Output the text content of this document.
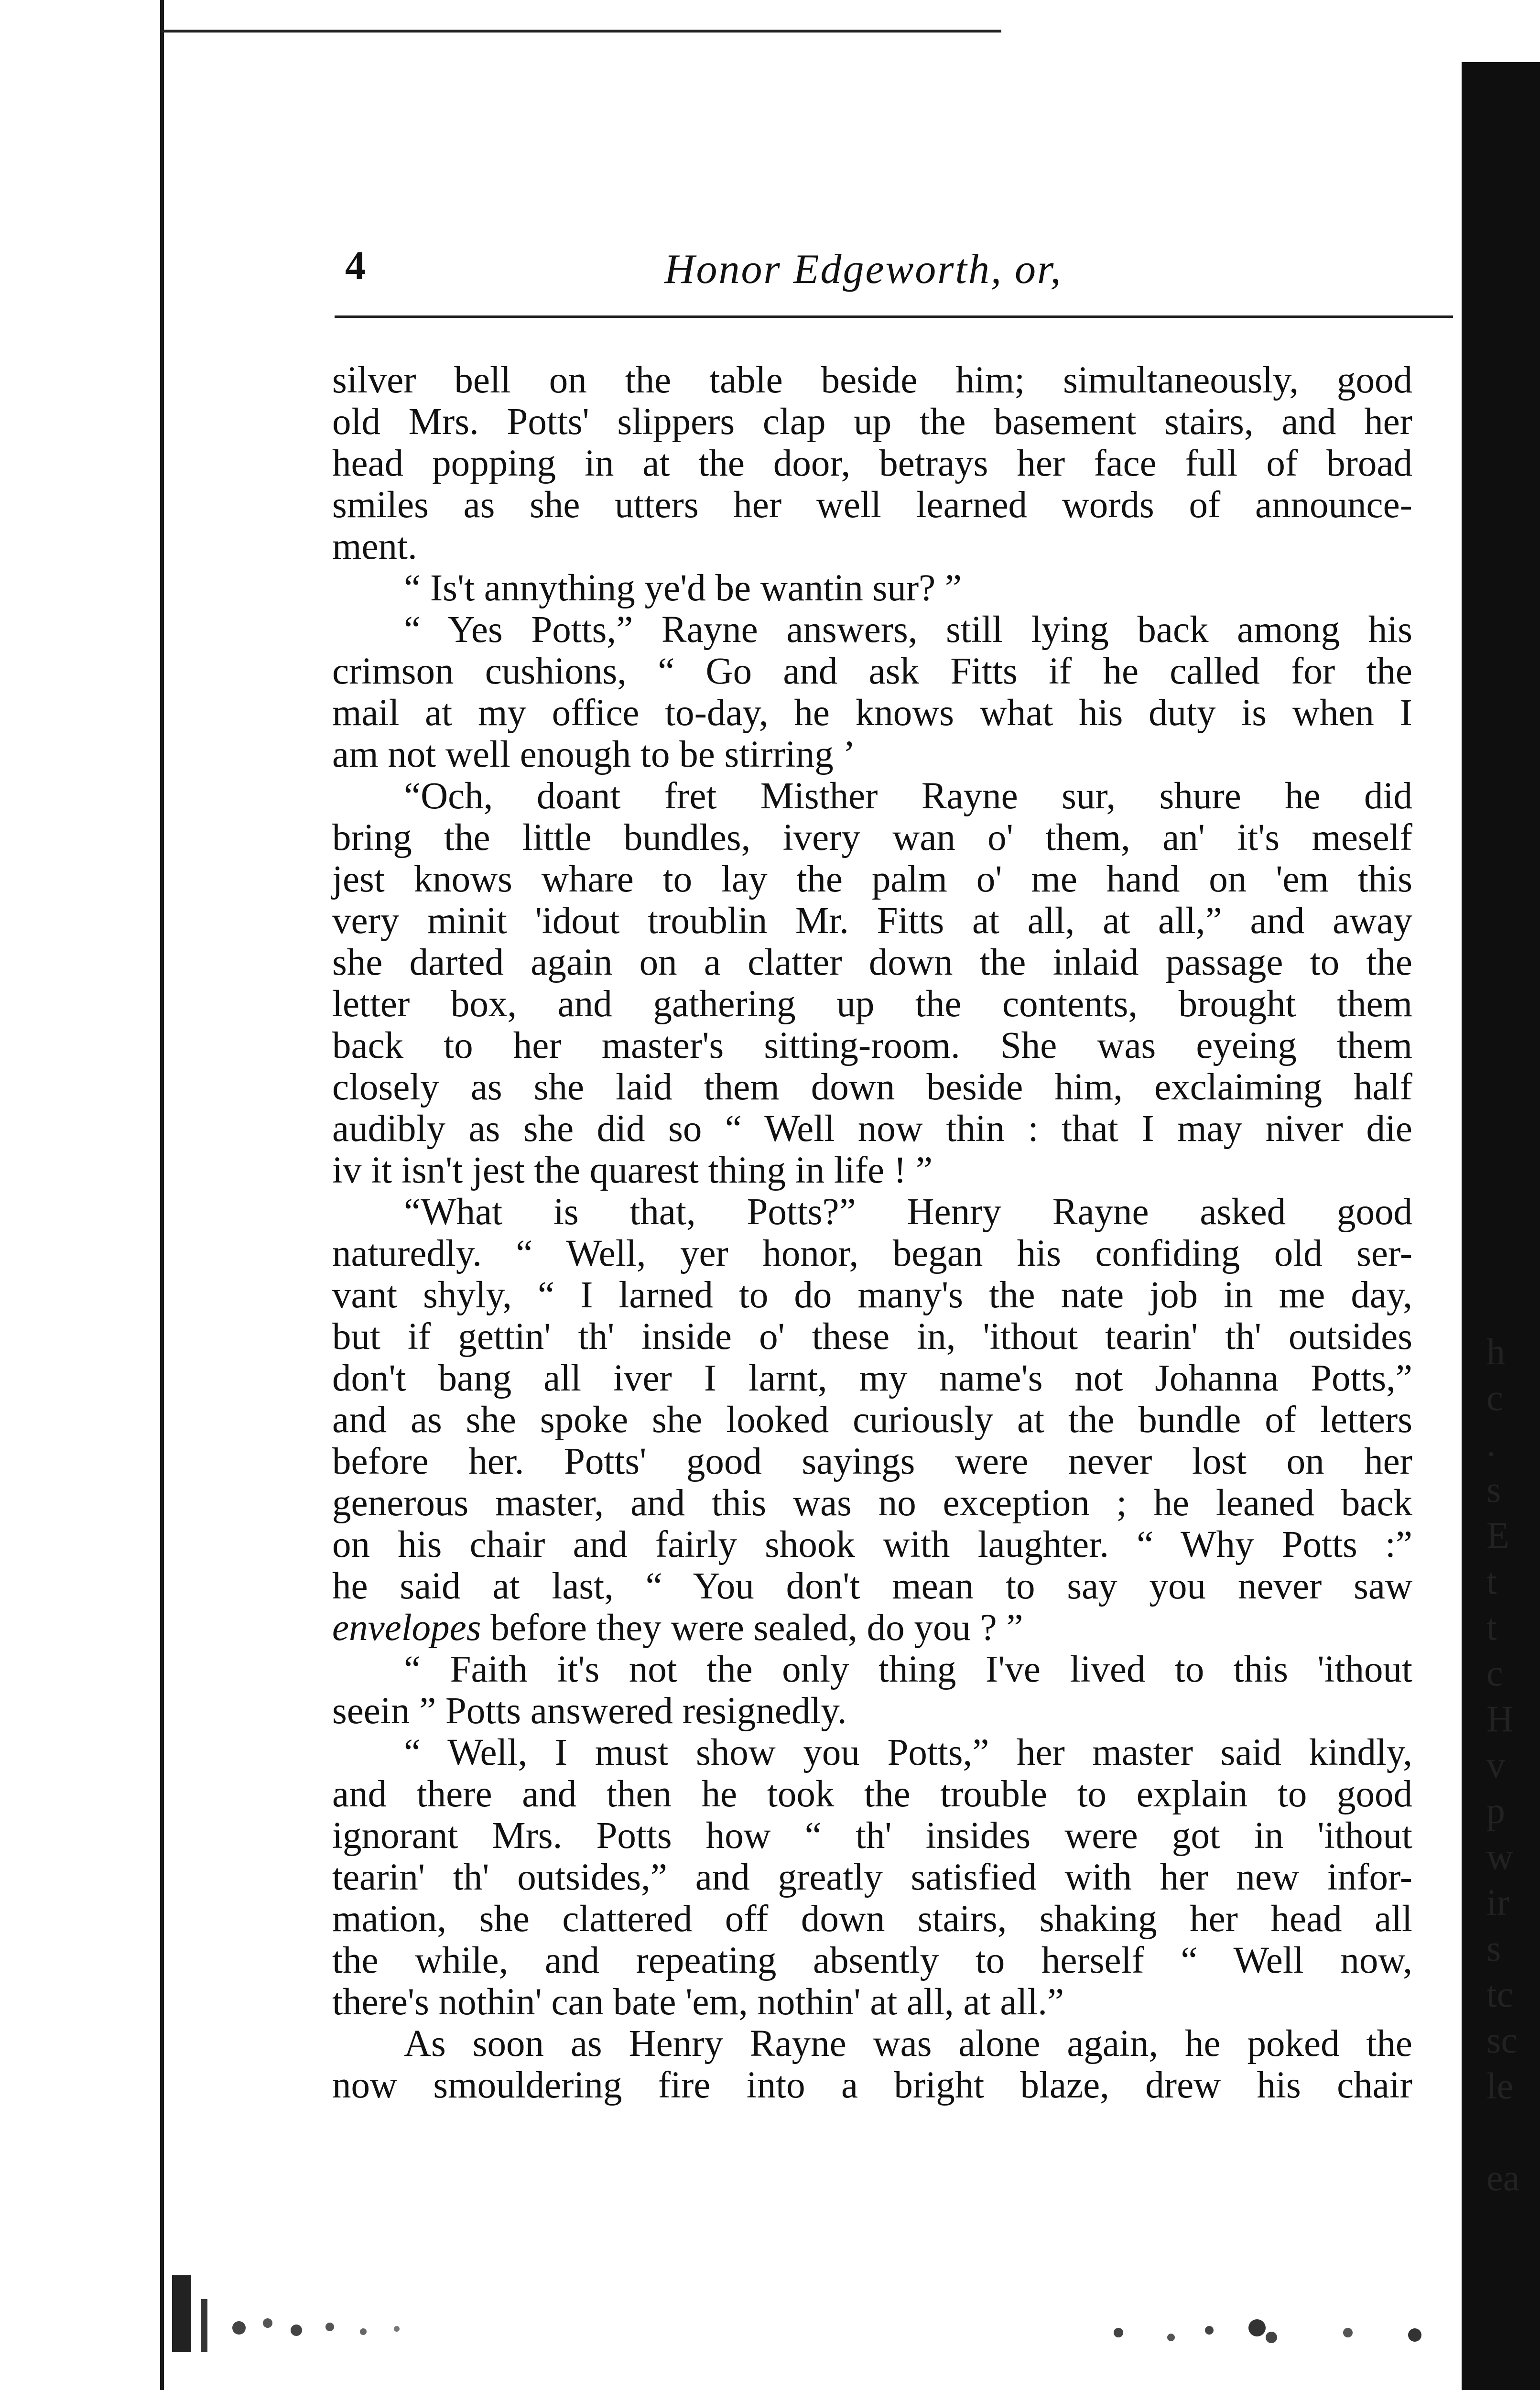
h
c
.
s
E
t
t
c
H
v
p
w
ir
s
tc
sc
le
ea
4	Honor Edgeworth, or,
silver bell on the table beside him; simultaneously, good
old Mrs. Potts' slippers clap up the basement stairs, and her
head popping in at the door, betrays her face full of broad
smiles as she utters her well learned words of announce-
ment.
“ Is't annything ye'd be wantin sur? ”
“ Yes Potts,” Rayne answers, still lying back among his
crimson cushions, “ Go and ask Fitts if he called for the
mail at my office to-day, he knows what his duty is when I
am not well enough to be stirring ’
“Och, doant fret Misther Rayne sur, shure he did
bring the little bundles, ivery wan o' them, an' it's meself
jest knows whare to lay the palm o' me hand on 'em this
very minit 'idout troublin Mr. Fitts at all, at all,” and away
she darted again on a clatter down the inlaid passage to the
letter box, and gathering up the contents, brought them
back to her master's sitting-room. She was eyeing them
closely as she laid them down beside him, exclaiming half
audibly as she did so “ Well now thin : that I may niver die
iv it isn't jest the quarest thing in life ! ”
“What is that, Potts?” Henry Rayne asked good
naturedly. “ Well, yer honor, began his confiding old ser-
vant shyly, “ I larned to do many's the nate job in me day,
but if gettin' th' inside o' these in, 'ithout tearin' th' outsides
don't bang all iver I larnt, my name's not Johanna Potts,”
and as she spoke she looked curiously at the bundle of letters
before her. Potts' good sayings were never lost on her
generous master, and this was no exception ; he leaned back
on his chair and fairly shook with laughter. “ Why Potts :”
he said at last, “ You don't mean to say you never saw
envelopes before they were sealed, do you ? ”
“ Faith it's not the only thing I've lived to this 'ithout
seein ” Potts answered resignedly.
“ Well, I must show you Potts,” her master said kindly,
and there and then he took the trouble to explain to good
ignorant Mrs. Potts how “ th' insides were got in 'ithout
tearin' th' outsides,” and greatly satisfied with her new infor-
mation, she clattered off down stairs, shaking her head all
the while, and repeating absently to herself “ Well now,
there's nothin' can bate 'em, nothin' at all, at all.”
As soon as Henry Rayne was alone again, he poked the
now smouldering fire into a bright blaze, drew his chair
